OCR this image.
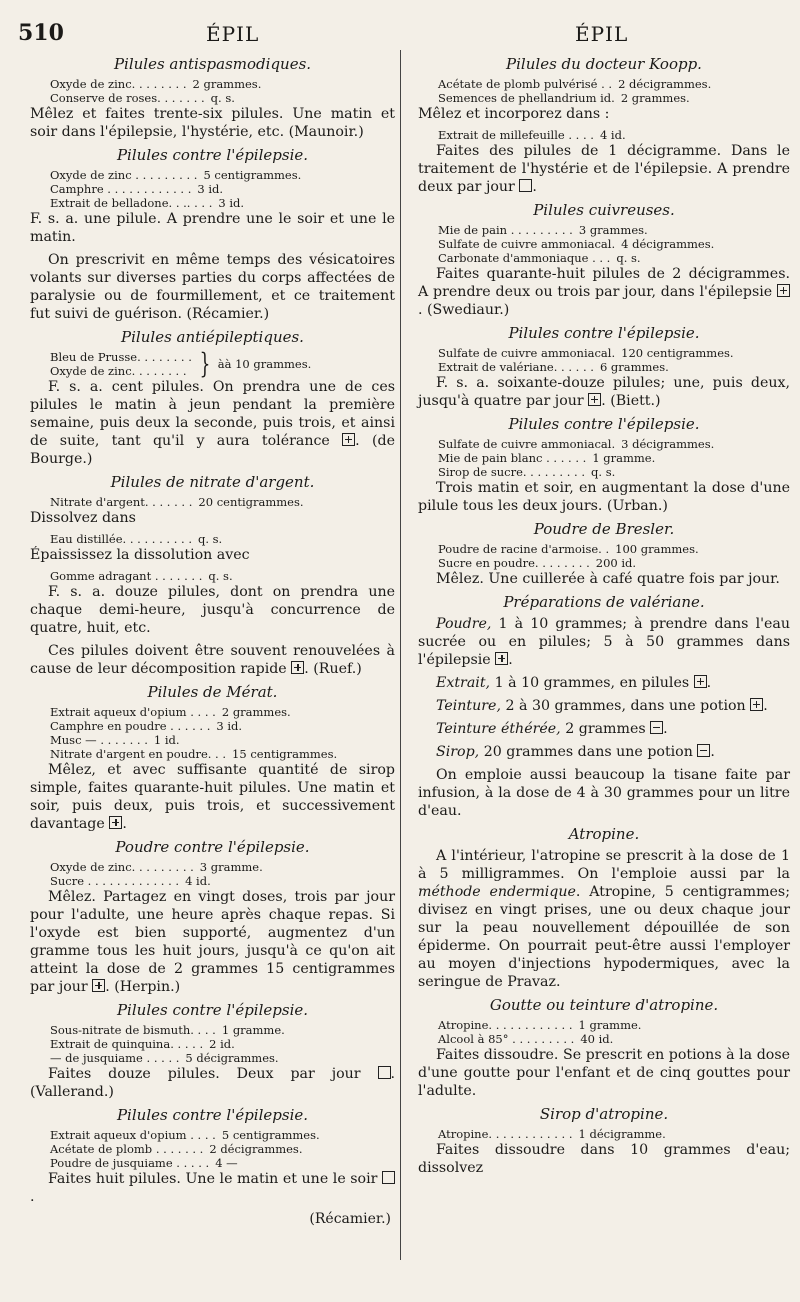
510	ÉPIL	ÉPIL
Pilules antispasmodiques.
Oxyde de zinc. . . . . . . . 2 grammes.
Conserve de roses. . . . . . . q. s.

Mêlez et faites trente-six pilules. Une matin et soir dans l'épilepsie, l'hystérie, etc. (Maunoir.)

Pilules contre l'épilepsie.
Oxyde de zinc . . . . . . . . . 5 centigrammes.
Camphre . . . . . . . . . . . . 3 id.
Extrait de belladone. . .. . . . 3 id.

F. s. a. une pilule. A prendre une le soir et une le matin.

On prescrivit en même temps des vésicatoires volants sur diverses parties du corps affectées de paralysie ou de fourmillement, et ce traitement fut suivi de guérison. (Récamier.)

Pilules antiépileptiques.
Bleu de Prusse. . . . . . . .
Oxyde de zinc. . . . . . . . } àà 10 grammes.

F. s. a. cent pilules. On prendra une de ces pilules le matin à jeun pendant la première semaine, puis deux la seconde, puis trois, et ainsi de suite, tant qu'il y aura tolérance . (de Bourge.)

Pilules de nitrate d'argent.
Nitrate d'argent. . . . . . . 20 centigrammes.

Dissolvez dans

Eau distillée. . . . . . . . . . q. s.

Épaississez la dissolution avec

Gomme adragant . . . . . . . q. s.

F. s. a. douze pilules, dont on prendra une chaque demi-heure, jusqu'à concurrence de quatre, huit, etc.

Ces pilules doivent être souvent renouvelées à cause de leur décomposition rapide . (Ruef.)

Pilules de Mérat.
Extrait aqueux d'opium . . . . 2 grammes.
Camphre en poudre . . . . . . 3 id.
Musc — . . . . . . . 1 id.
Nitrate d'argent en poudre. . . 15 centigrammes.

Mêlez, et avec suffisante quantité de sirop simple, faites quarante-huit pilules. Une matin et soir, puis deux, puis trois, et successivement davantage .

Poudre contre l'épilepsie.
Oxyde de zinc. . . . . . . . . 3 gramme.
Sucre . . . . . . . . . . . . . 4 id.

Mêlez. Partagez en vingt doses, trois par jour pour l'adulte, une heure après chaque repas. Si l'oxyde est bien supporté, augmentez d'un gramme tous les huit jours, jusqu'à ce qu'on ait atteint la dose de 2 grammes 15 centigrammes par jour . (Herpin.)

Pilules contre l'épilepsie.
Sous-nitrate de bismuth. . . . 1 gramme.
Extrait de quinquina. . . . . 2 id.
— de jusquiame . . . . . 5 décigrammes.

Faites douze pilules. Deux par jour . (Vallerand.)

Pilules contre l'épilepsie.
Extrait aqueux d'opium . . . . 5 centigrammes.
Acétate de plomb . . . . . . . 2 décigrammes.
Poudre de jusquiame . . . . . 4 —

Faites huit pilules. Une le matin et une le soir .

(Récamier.)
Pilules du docteur Koopp.
Acétate de plomb pulvérisé . . 2 décigrammes.
Semences de phellandrium id. 2 grammes.

Mêlez et incorporez dans :

Extrait de millefeuille . . . . 4 id.

Faites des pilules de 1 décigramme. Dans le traitement de l'hystérie et de l'épilepsie. A prendre deux par jour .

Pilules cuivreuses.
Mie de pain . . . . . . . . . 3 grammes.
Sulfate de cuivre ammoniacal. 4 décigrammes.
Carbonate d'ammoniaque . . . q. s.

Faites quarante-huit pilules de 2 décigrammes. A prendre deux ou trois par jour, dans l'épilepsie . (Swediaur.)

Pilules contre l'épilepsie.
Sulfate de cuivre ammoniacal. 120 centigrammes.
Extrait de valériane. . . . . . 6 grammes.

F. s. a. soixante-douze pilules; une, puis deux, jusqu'à quatre par jour . (Biett.)

Pilules contre l'épilepsie.
Sulfate de cuivre ammoniacal. 3 décigrammes.
Mie de pain blanc . . . . . . 1 gramme.
Sirop de sucre. . . . . . . . . q. s.

Trois matin et soir, en augmentant la dose d'une pilule tous les deux jours. (Urban.)

Poudre de Bresler.
Poudre de racine d'armoise. . 100 grammes.
Sucre en poudre. . . . . . . . 200 id.

Mêlez. Une cuillerée à café quatre fois par jour.

Préparations de valériane.

Poudre, 1 à 10 grammes; à prendre dans l'eau sucrée ou en pilules; 5 à 50 grammes dans l'épilepsie .

Extrait, 1 à 10 grammes, en pilules .

Teinture, 2 à 30 grammes, dans une potion .

Teinture éthérée, 2 grammes .

Sirop, 20 grammes dans une potion .

On emploie aussi beaucoup la tisane faite par infusion, à la dose de 4 à 30 grammes pour un litre d'eau.

Atropine.

A l'intérieur, l'atropine se prescrit à la dose de 1 à 5 milligrammes. On l'emploie aussi par la méthode endermique. Atropine, 5 centigrammes; divisez en vingt prises, une ou deux chaque jour sur la peau nouvellement dépouillée de son épiderme. On pourrait peut-être aussi l'employer au moyen d'injections hypodermiques, avec la seringue de Pravaz.

Goutte ou teinture d'atropine.
Atropine. . . . . . . . . . . . 1 gramme.
Alcool à 85° . . . . . . . . . 40 id.

Faites dissoudre. Se prescrit en potions à la dose d'une goutte pour l'enfant et de cinq gouttes pour l'adulte.

Sirop d'atropine.
Atropine. . . . . . . . . . . . 1 décigramme.

Faites dissoudre dans 10 grammes d'eau; dissolvez
